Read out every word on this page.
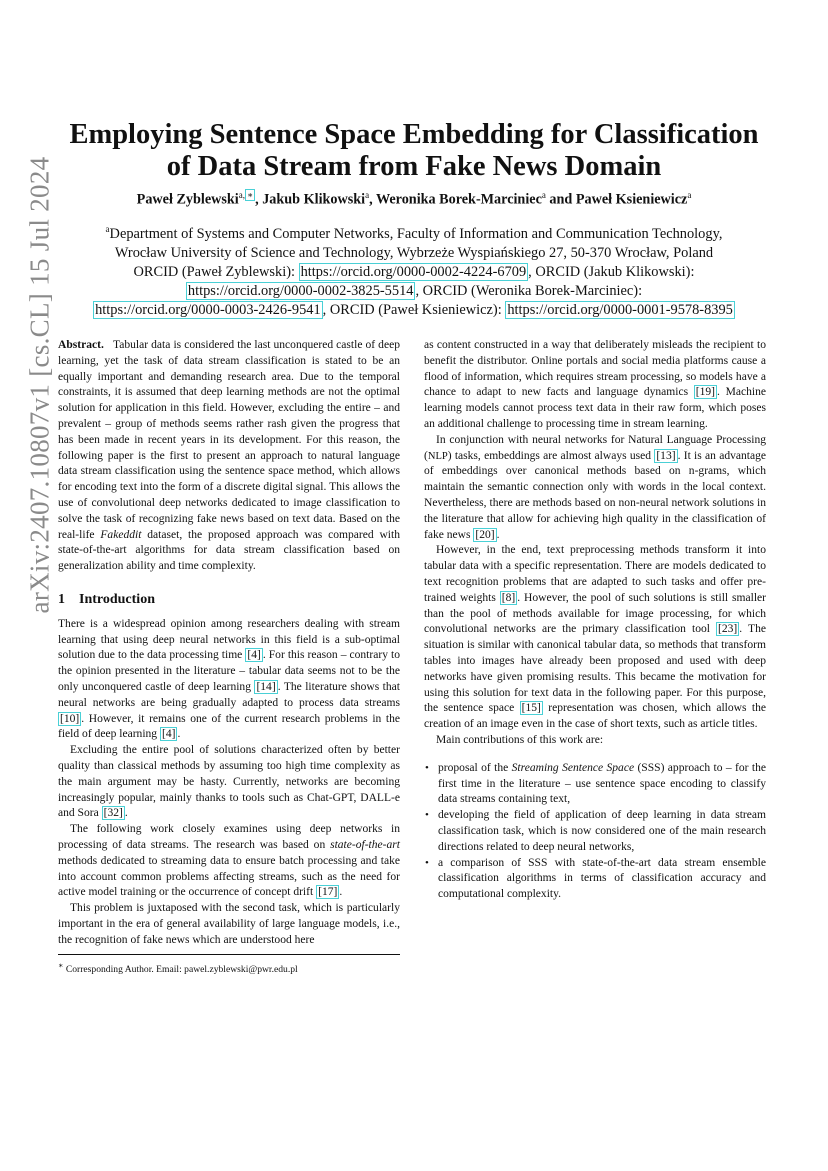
arXiv:2407.10807v1 [cs.CL] 15 Jul 2024
Employing Sentence Space Embedding for Classification
of Data Stream from Fake News Domain
Paweł Zyblewski$^{a, ∗}$ , Jakub Klikowski$^a$, Weronika Borek-Marciniec$^a$ and Paweł Ksieniewicz$^a$
$^a$Department of Systems and Computer Networks, Faculty of Information and Communication Technology,
Wrocław University of Science and Technology, Wybrzeże Wyspiańskiego 27, 50-370 Wrocław, Poland
ORCID (Paweł Zyblewski): https://orcid.org/0000-0002-4224-6709 , ORCID (Jakub Klikowski):
https://orcid.org/0000-0002-3825-5514 , ORCID (Weronika Borek-Marciniec):
https://orcid.org/0000-0003-2426-9541 , ORCID (Paweł Ksieniewicz): https://orcid.org/0000-0001-9578-8395

Abstract. Tabular data is considered the last unconquered castle of deep learning, yet the task of data stream classification is stated to be an equally important and demanding research area. Due to the temporal constraints, it is assumed that deep learning methods are not the optimal solution for application in this field. However, excluding the entire – and prevalent – group of methods seems rather rash given the progress that has been made in recent years in its development. For this reason, the following paper is the first to present an approach to natural language data stream classification using the sentence space method, which allows for encoding text into the form of a discrete digital signal. This allows the use of convolutional deep networks dedicated to image classification to solve the task of recognizing fake news based on text data. Based on the real-life Fakeddit dataset, the proposed approach was compared with state-of-the-art algorithms for data stream classification based on generalization ability and time complexity.

1 Introduction

There is a widespread opinion among researchers dealing with stream learning that using deep neural networks in this field is a sub-optimal solution due to the data processing time [4] . For this reason – contrary to the opinion presented in the literature – tabular data seems not to be the only unconquered castle of deep learning [14] . The literature shows that neural networks are being gradually adapted to process data streams [10] . However, it remains one of the current research problems in the field of deep learning [4] .

Excluding the entire pool of solutions characterized often by better quality than classical methods by assuming too high time complexity as the main argument may be hasty. Currently, networks are becoming increasingly popular, mainly thanks to tools such as Chat-GPT, DALL-e and Sora [32] .

The following work closely examines using deep networks in processing of data streams. The research was based on state-of-the-art methods dedicated to streaming data to ensure batch processing and take into account common problems affecting streams, such as the need for active model training or the occurrence of concept drift [17] .

This problem is juxtaposed with the second task, which is particularly important in the era of general availability of large language models, i.e., the recognition of fake news which are understood here

as content constructed in a way that deliberately misleads the recipient to benefit the distributor. Online portals and social media platforms cause a flood of information, which requires stream processing, so models have a chance to adapt to new facts and language dynamics [19] . Machine learning models cannot process text data in their raw form, which poses an additional challenge to processing time in stream learning.

In conjunction with neural networks for Natural Language Processing (NLP) tasks, embeddings are almost always used [13] . It is an advantage of embeddings over canonical methods based on n-grams, which maintain the semantic connection only with words in the local context. Nevertheless, there are methods based on non-neural network solutions in the literature that allow for achieving high quality in the classification of fake news [20] .

However, in the end, text preprocessing methods transform it into tabular data with a specific representation. There are models dedicated to text recognition problems that are adapted to such tasks and offer pre-trained weights [8] . However, the pool of such solutions is still smaller than the pool of methods available for image processing, for which convolutional networks are the primary classification tool [23] . The situation is similar with canonical tabular data, so methods that transform tables into images have already been proposed and used with deep networks have given promising results. This became the motivation for using this solution for text data in the following paper. For this purpose, the sentence space [15] representation was chosen, which allows the creation of an image even in the case of short texts, such as article titles.

Main contributions of this work are:

• proposal of the Streaming Sentence Space (SSS) approach to – for the first time in the literature – use sentence space encoding to classify data streams containing text,
• developing the field of application of deep learning in data stream classification task, which is now considered one of the main research directions related to deep neural networks,
• a comparison of SSS with state-of-the-art data stream ensemble classification algorithms in terms of classification accuracy and computational complexity.
∗ Corresponding Author. Email: pawel.zyblewski@pwr.edu.pl
